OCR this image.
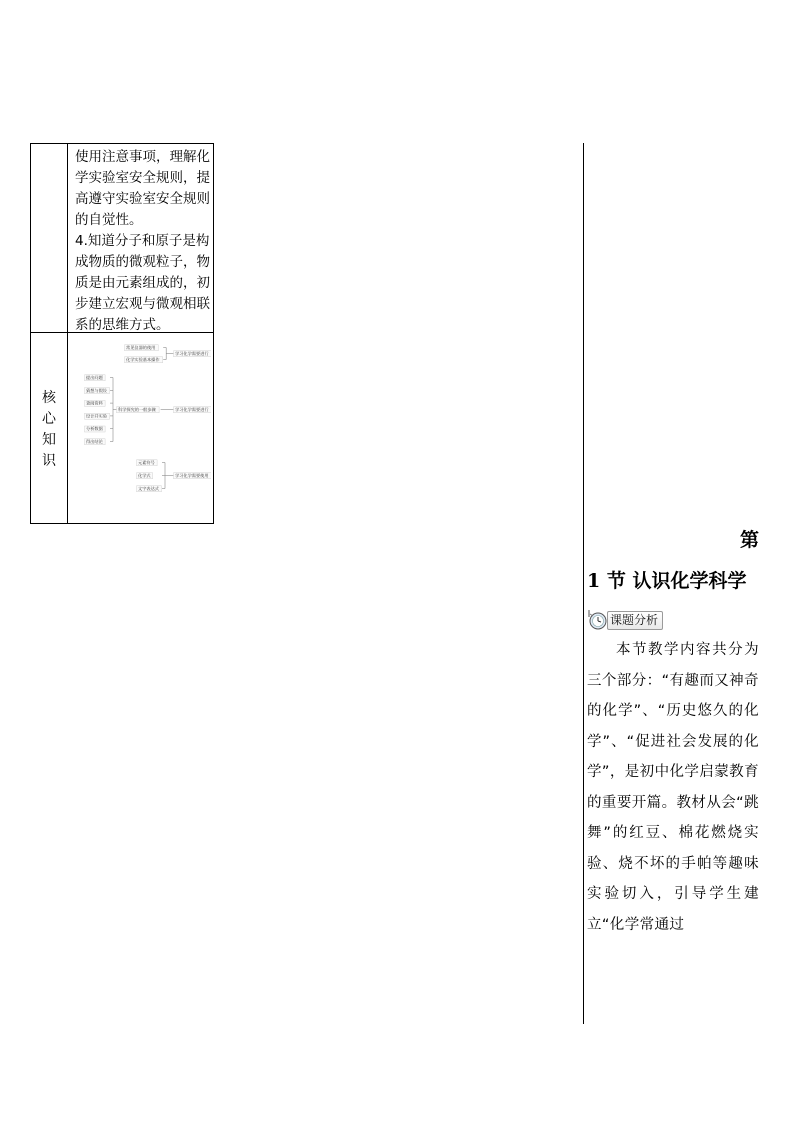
使用注意事项，理解化学实验室安全规则，提高遵守实验室安全规则的自觉性。
4.知道分子和原子是构成物质的微观粒子，物质是由元素组成的，初步建立宏观与微观相联系的思维方式。
核
心
知
识
常见仪器的使用
化学实验基本操作
学习化学需要进行
提出问题
猜想与假设
查阅资料
设计并实验
分析数据
得出结论
科学探究的一般步骤	学习化学需要进行
元素符号
化学式
文字表达式
学习化学需要使用
第
1 节 认识化学科学
课题分析
本节教学内容共分为三个部分：“有趣而又神奇的化学”、“历史悠久的化学”、“促进社会发展的化学”，是初中化学启蒙教育的重要开篇。教材从会“跳舞”的红豆、棉花燃烧实验、烧不坏的手帕等趣味实验切入，引导学生建立“化学常通过
